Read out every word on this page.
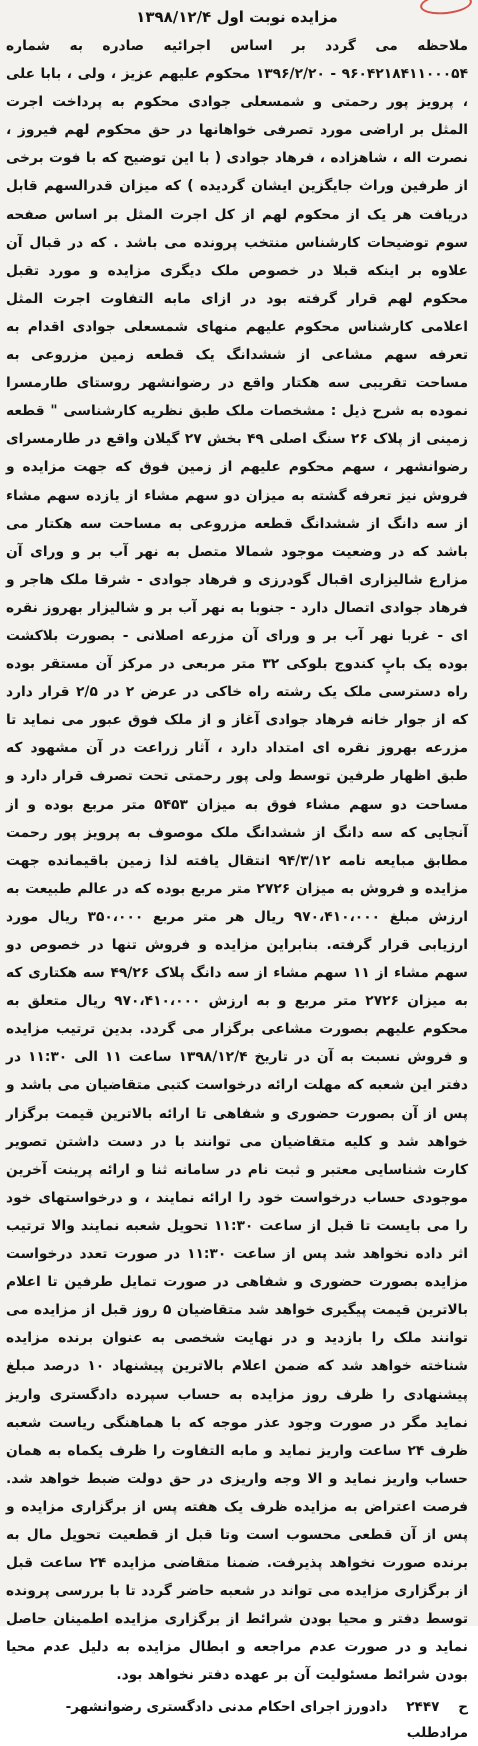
مزایده نوبت اول ۱۳۹۸/۱۲/۴

ملاحظه می گردد بر اساس اجرائیه صادره به شماره ۹۶۰۴۲۱۸۴۱۱۰۰۰۵۴ - ۱۳۹۶/۲/۲۰ محکوم علیهم عزیز ، ولی ، بابا علی ، پرویز پور رحمتی و شمسعلی جوادی محکوم به پرداخت اجرت المثل بر اراضی مورد تصرفی خواهانها در حق محکوم لهم فیروز ، نصرت اله ، شاهزاده ، فرهاد جوادی ( با این توضیح که با فوت برخی از طرفین وراث جایگزین ایشان گردیده ) که میزان قدرالسهم قابل دریافت هر یک از محکوم لهم از کل اجرت المثل بر اساس صفحه سوم توضیحات کارشناس منتخب پرونده می باشد . که در قبال آن علاوه بر اینکه قبلا در خصوص ملک دیگری مزایده و مورد تقبل محکوم لهم قرار گرفته بود در ازای مابه التفاوت اجرت المثل اعلامی کارشناس محکوم علیهم منهای شمسعلی جوادی اقدام به تعرفه سهم مشاعی از ششدانگ یک قطعه زمین مزروعی به مساحت تقریبی سه هکتار واقع در رضوانشهر روستای طارمسرا نموده به شرح ذیل : مشخصات ملک طبق نظریه کارشناسی " قطعه زمینی از پلاک ۲۶ سنگ اصلی ۴۹ بخش ۲۷ گیلان واقع در طارمسرای رضوانشهر ، سهم محکوم علیهم از زمین فوق که جهت مزایده و فروش نیز تعرفه گشته به میزان دو سهم مشاء از یازده سهم مشاء از سه دانگ از ششدانگ قطعه مزروعی به مساحت سه هکتار می باشد که در وضعیت موجود شمالا متصل به نهر آب بر و ورای آن مزارع شالیزاری اقبال گودرزی و فرهاد جوادی - شرقا ملک هاجر و فرهاد جوادی اتصال دارد - جنوبا به نهر آب بر و شالیزار بهروز نقره ای - غربا نهر آب بر و ورای آن مزرعه اصلانی - بصورت بلاکشت بوده یک بابٍ کندوج بلوکی ۳۲ متر مربعی در مرکز آن مستقر بوده راه دسترسی ملک یک رشته راه خاکی در عرض ۲ در ۲/۵ قرار دارد که از جوار خانه فرهاد جوادی آغاز و از ملک فوق عبور می نماید تا مزرعه بهروز نقره ای امتداد دارد ، آثار زراعت در آن مشهود که طبق اظهار طرفین توسط ولی پور رحمتی تحت تصرف قرار دارد و مساحت دو سهم مشاء فوق به میزان ۵۴۵۳ متر مربع بوده و از آنجایی که سه دانگ از ششدانگ ملک موصوف به پرویز پور رحمت مطابق مبایعه نامه ۹۴/۳/۱۲ انتقال یافته لذا زمین باقیمانده جهت مزایده و فروش به میزان ۲۷۲۶ متر مربع بوده که در عالم طبیعت به ارزش مبلغ ۹۷۰،۴۱۰،۰۰۰ ریال هر متر مربع ۳۵۰،۰۰۰ ریال مورد ارزیابی قرار گرفته. بنابراین مزایده و فروش تنها در خصوص دو سهم مشاء از ۱۱ سهم مشاء از سه دانگ پلاک ۴۹/۲۶ سه هکتاری که به میزان ۲۷۲۶ متر مربع و به ارزش ۹۷۰،۴۱۰،۰۰۰ ریال متعلق به محکوم علیهم بصورت مشاعی برگزار می گردد. بدین ترتیب مزایده و فروش نسبت به آن در تاریخ ۱۳۹۸/۱۲/۴ ساعت ۱۱ الی ۱۱:۳۰ در دفتر این شعبه که مهلت ارائه درخواست کتبی متقاضیان می باشد و پس از آن بصورت حضوری و شفاهی تا ارائه بالاترین قیمت برگزار خواهد شد و کلیه متقاضیان می توانند با در دست داشتن تصویر کارت شناسایی معتبر و ثبت نام در سامانه ثنا و ارائه پرینت آخرین موجودی حساب درخواست خود را ارائه نمایند ، و درخواستهای خود را می بایست تا قبل از ساعت ۱۱:۳۰ تحویل شعبه نمایند والا ترتیب اثر داده نخواهد شد پس از ساعت ۱۱:۳۰ در صورت تعدد درخواست مزایده بصورت حضوری و شفاهی در صورت تمایل طرفین تا اعلام بالاترین قیمت پیگیری خواهد شد متقاضیان ۵ روز قبل از مزایده می توانند ملک را بازدید و در نهایت شخصی به عنوان برنده مزایده شناخته خواهد شد که ضمن اعلام بالاترین پیشنهاد ۱۰ درصد مبلغ پیشنهادی را ظرف روز مزایده به حساب سپرده دادگستری واریز نماید مگر در صورت وجود عذر موجه که با هماهنگی ریاست شعبه ظرف ۲۴ ساعت واریز نماید و مابه التفاوت را ظرف یکماه به همان حساب واریز نماید و الا وجه واریزی در حق دولت ضبط خواهد شد. فرصت اعتراض به مزایده ظرف یک هفته پس از برگزاری مزایده و پس از آن قطعی محسوب است وتا قبل از قطعیت تحویل مال به برنده صورت نخواهد پذیرفت. ضمنا متقاضی مزایده ۲۴ ساعت قبل از برگزاری مزایده می تواند در شعبه حاضر گردد تا با بررسی پرونده توسط دفتر و محیا بودن شرائط از برگزاری مزایده اطمینان حاصل نماید و در صورت عدم مراجعه و ابطال مزایده به دلیل عدم محیا بودن شرائط مسئولیت آن بر عهده دفتر نخواهد بود.

ح ۲۴۴۷ دادورز اجرای احکام مدنی دادگستری رضوانشهر-
مرادطلب
